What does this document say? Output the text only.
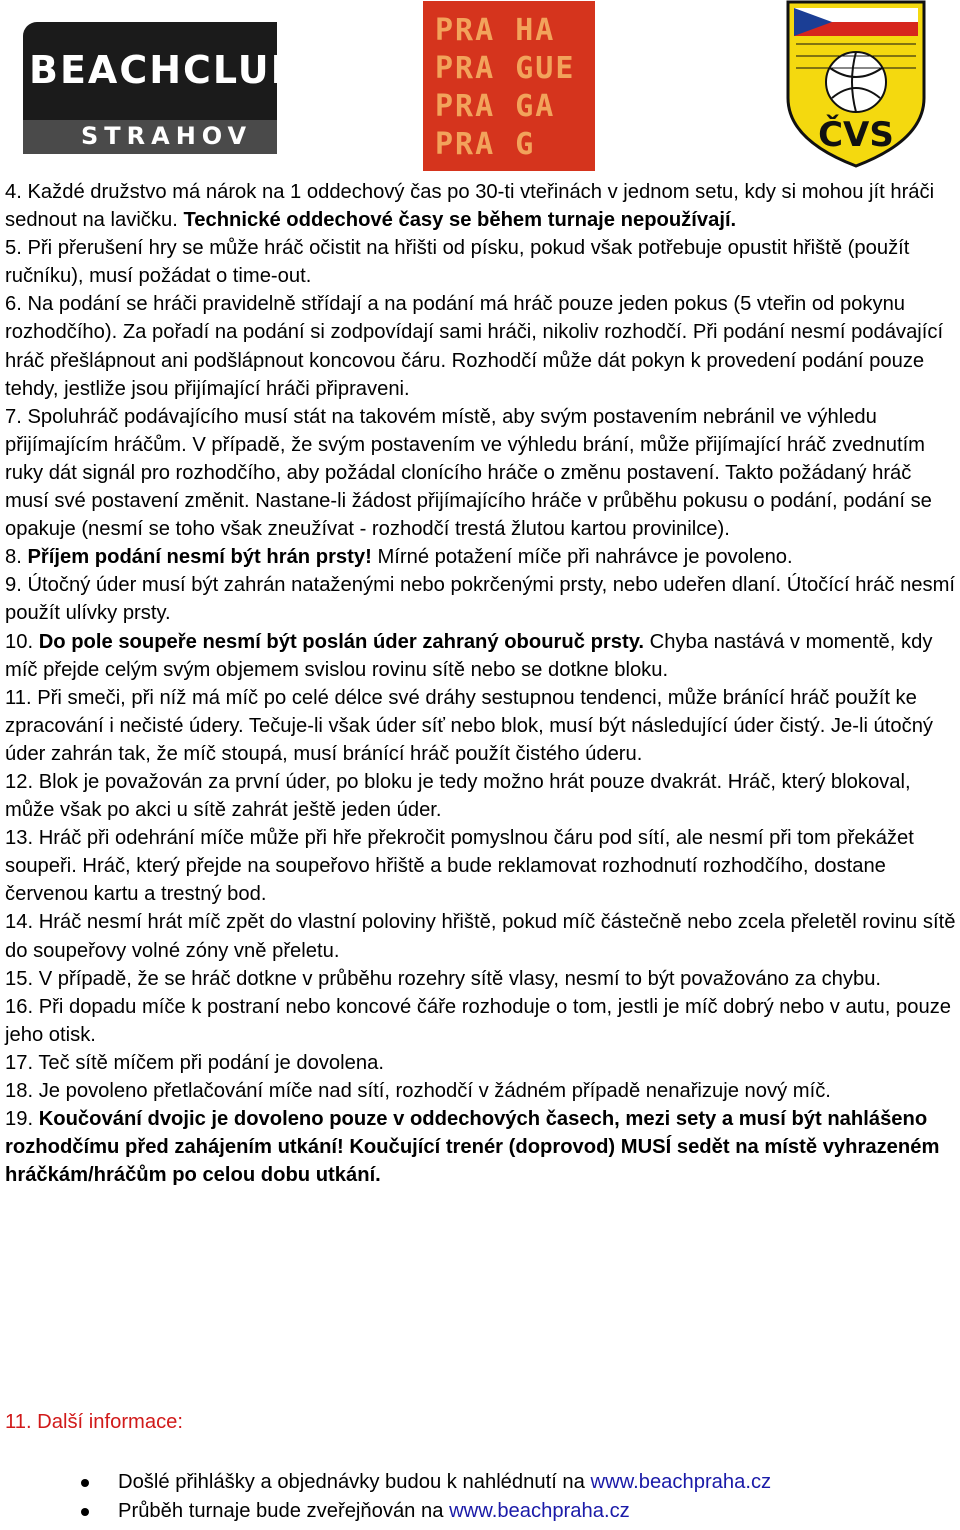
BEACHCLUB
STRAHOV
PRA HA
PRA GUE
PRA GA
PRA G	ČVS

4. Každé družstvo má nárok na 1 oddechový čas po 30-ti vteřinách v jednom setu, kdy si mohou jít hráči sednout na lavičku. Technické oddechové časy se během turnaje nepoužívají.

5. Při přerušení hry se může hráč očistit na hřišti od písku, pokud však potřebuje opustit hřiště (použít ručníku), musí požádat o time-out.

6. Na podání se hráči pravidelně střídají a na podání má hráč pouze jeden pokus (5 vteřin od pokynu rozhodčího). Za pořadí na podání si zodpovídají sami hráči, nikoliv rozhodčí. Při podání nesmí podávající hráč přešlápnout ani podšlápnout koncovou čáru. Rozhodčí může dát pokyn k provedení podání pouze tehdy, jestliže jsou přijímající hráči připraveni.

7. Spoluhráč podávajícího musí stát na takovém místě, aby svým postavením nebránil ve výhledu přijímajícím hráčům. V případě, že svým postavením ve výhledu brání, může přijímající hráč zvednutím ruky dát signál pro rozhodčího, aby požádal clonícího hráče o změnu postavení. Takto požádaný hráč musí své postavení změnit. Nastane-li žádost přijímajícího hráče v průběhu pokusu o podání, podání se opakuje (nesmí se toho však zneužívat - rozhodčí trestá žlutou kartou provinilce).

8. Příjem podání nesmí být hrán prsty! Mírné potažení míče při nahrávce je povoleno.

9. Útočný úder musí být zahrán nataženými nebo pokrčenými prsty, nebo udeřen dlaní. Útočící hráč nesmí použít ulívky prsty.

10. Do pole soupeře nesmí být poslán úder zahraný obouruč prsty. Chyba nastává v momentě, kdy míč přejde celým svým objemem svislou rovinu sítě nebo se dotkne bloku.

11. Při smeči, při níž má míč po celé délce své dráhy sestupnou tendenci, může bránící hráč použít ke zpracování i nečisté údery. Tečuje-li však úder síť nebo blok, musí být následující úder čistý. Je-li útočný úder zahrán tak, že míč stoupá, musí bránící hráč použít čistého úderu.

12. Blok je považován za první úder, po bloku je tedy možno hrát pouze dvakrát. Hráč, který blokoval, může však po akci u sítě zahrát ještě jeden úder.

13. Hráč při odehrání míče může při hře překročit pomyslnou čáru pod sítí, ale nesmí při tom překážet soupeři. Hráč, který přejde na soupeřovo hřiště a bude reklamovat rozhodnutí rozhodčího, dostane červenou kartu a trestný bod.

14. Hráč nesmí hrát míč zpět do vlastní poloviny hřiště, pokud míč částečně nebo zcela přeletěl rovinu sítě do soupeřovy volné zóny vně přeletu.

15. V případě, že se hráč dotkne v průběhu rozehry sítě vlasy, nesmí to být považováno za chybu.

16. Při dopadu míče k postraní nebo koncové čáře rozhoduje o tom, jestli je míč dobrý nebo v autu, pouze jeho otisk.

17. Teč sítě míčem při podání je dovolena.

18. Je povoleno přetlačování míče nad sítí, rozhodčí v žádném případě nenařizuje nový míč.

19. Koučování dvojic je dovoleno pouze v oddechových časech, mezi sety a musí být nahlášeno rozhodčímu před zahájením utkání! Koučující trenér (doprovod) MUSÍ sedět na místě vyhrazeném hráčkám/hráčům po celou dobu utkání.

11. Další informace:
Došlé přihlášky a objednávky budou k nahlédnutí na www.beachpraha.cz
Průběh turnaje bude zveřejňován na www.beachpraha.cz
